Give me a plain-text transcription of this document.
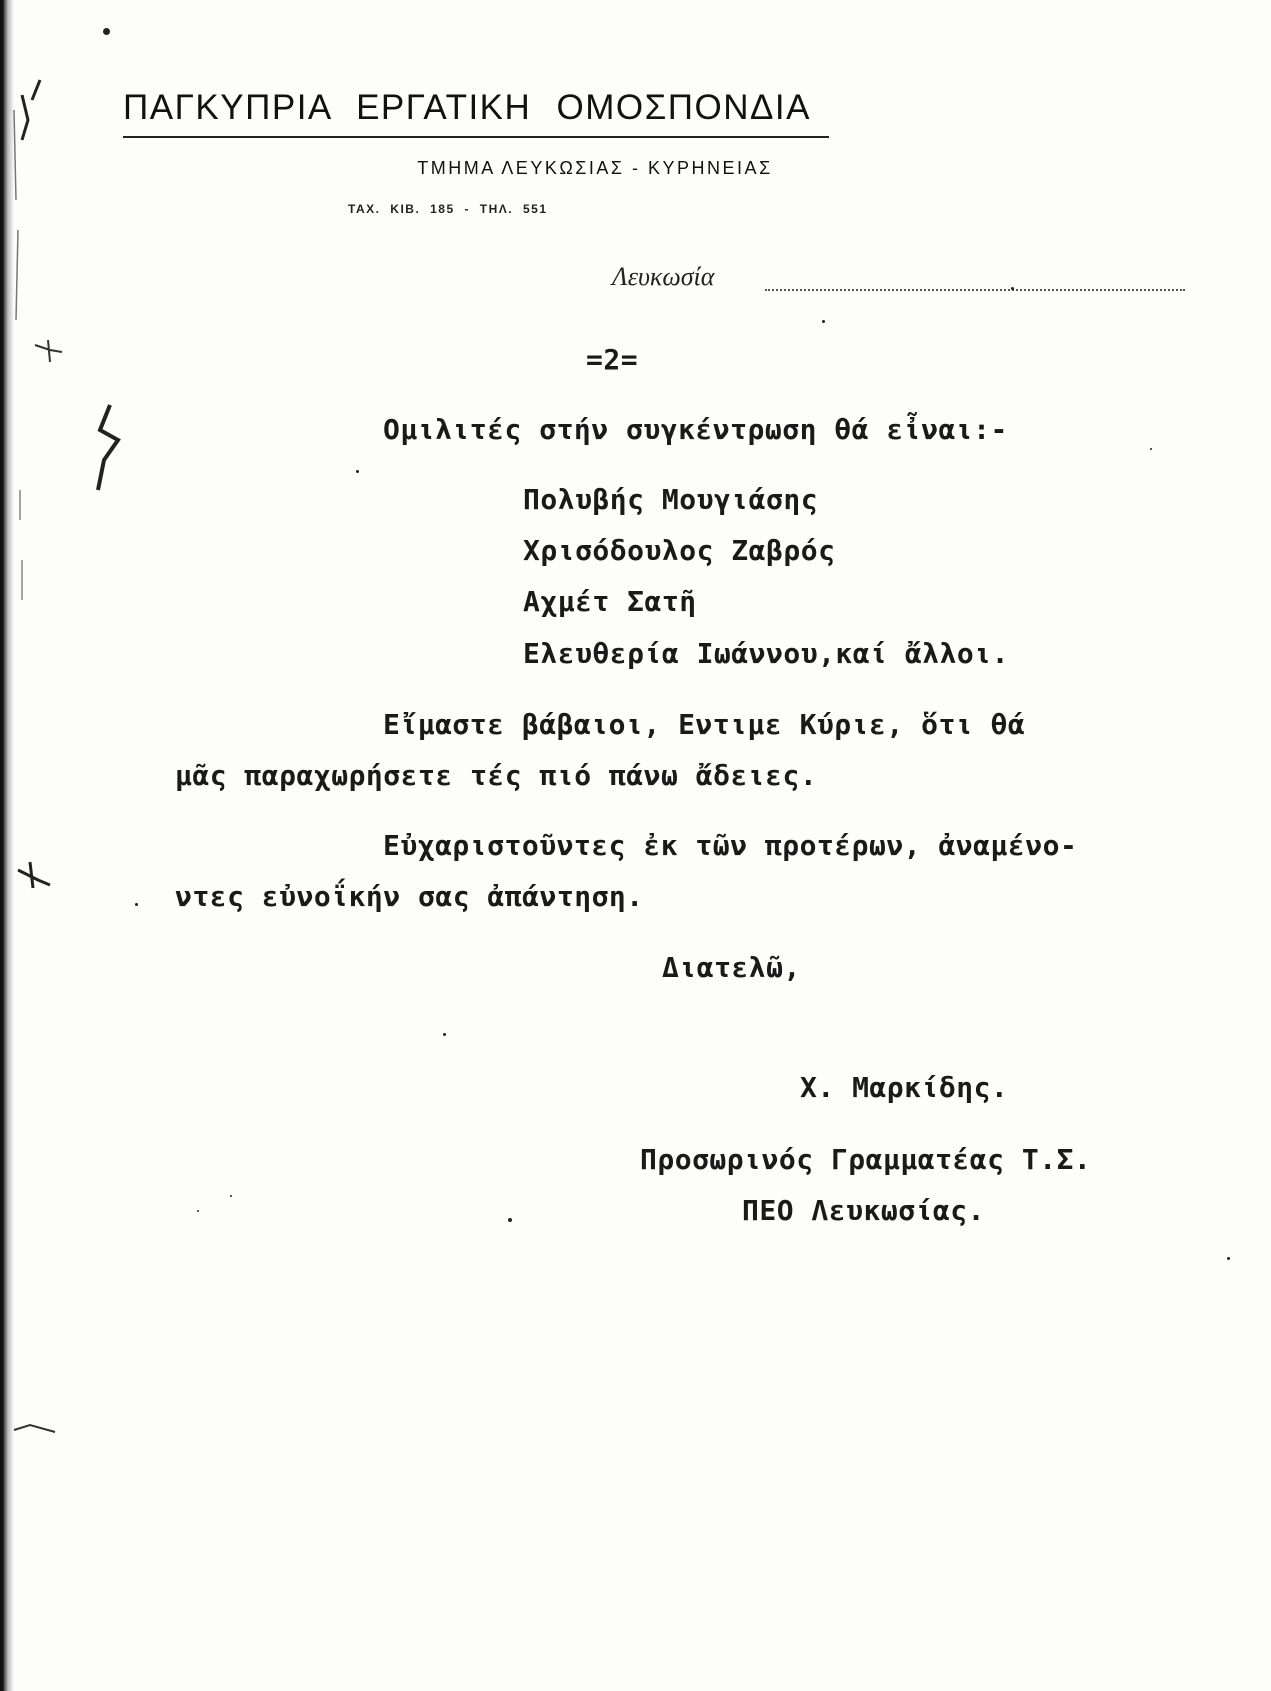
ΠΑΓΚΥΠΡΙΑ ΕΡΓΑΤΙΚΗ ΟΜΟΣΠΟΝΔΙΑ
ΤΜΗΜΑ ΛΕΥΚΩΣΙΑΣ - ΚΥΡΗΝΕΙΑΣ
ΤΑΧ. ΚΙΒ. 185 - ΤΗΛ. 551
Λευκωσία
=2=
Ομιλιτές στήν συγκέντρωση θά εἶναι:-
Πολυβής Μουγιάσης
Χρισόδουλος Ζαβρός
Αχμέτ Σατῆ
Ελευθερία Ιωάννου,καί ἄλλοι.
Εἴμαστε βάβαιοι, Εντιμε Κύριε, ὅτι θά
μᾶς παραχωρήσετε τές πιό πάνω ἄδειες.
Εὐχαριστοῦντες ἐκ τῶν προτέρων, ἀναμένο-
ντες εὐνοΐκήν σας ἀπάντηση.
Διατελῶ,
Χ. Μαρκίδης.
Προσωρινός Γραμματέας Τ.Σ.
ΠΕΟ Λευκωσίας.
